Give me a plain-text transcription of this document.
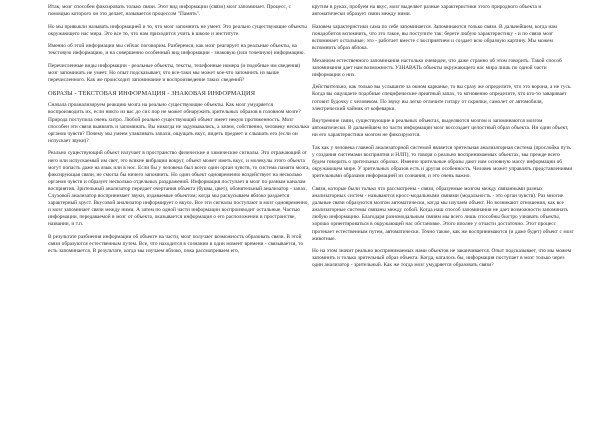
Итак, мозг способен фиксировать только связи. Этот вид информации (связи) мозг запоминает. Процесс, с помощью которого он это делает, называется процессом "Память".

Но мы привыкли называть информацией и то, что мозг запомнить не умеет. Это реально существующие объекты окружающего нас мира. Это все то, что нам приходится учить в школе и институте.

Именно об этой информации мы сейчас поговорим. Разберемся, как мозг реагирует на реальные объекты, на текстовую информацию, и на совершенно особенный вид информации - знаковую (или точечную) информацию.

Перечисленные виды информации - реальные объекты, тексты, телефонные номера (и подобные им сведения) мозг запоминать не умеет. Но опыт подсказывает, что все-таки мы может кое-что запомнить из выше перечисленного. Как же происходит запоминание и воспроизведение таких сведений?

ОБРАЗЫ - ТЕКСТОВАЯ ИНФОРМАЦИЯ - ЗНАКОВАЯ ИНФОРМАЦИЯ

Сначала проанализируем реакцию мозга на реально существующие объекты. Как мозг умудряется воспроизводить их, если никто из вас до сих пор не может обнаружить зрительных образов в головном мозге? Природа поступила очень хитро. Любой реально существующий объект имеет некую протяженность. Мозг способен эти связи выявлять и запоминать. Вы никогда не задумывались, а зачем, собственно, человеку несколько органов чувств? Почему мы умеем улавливать запахи, ощущать вкус, видеть предмет и слышать его (если он испускает звуки)?

Реально существующий объект излучает в пространство физические и химические сигналы. Это отражающий от него или испускаемый им свет, это всякие вибрации вокруг, объект может иметь вкус, и молекулы этого объекта могут попасть даже на язык или в нос. Если бы у человека был всего один орган чувств, то система памяти мозга, фиксирующая связи, не смогла бы ничего запомнить. Но один объект одновременно воздействует на несколько органов чувств и образует несколько отдельных раздражений. Информация поступает в мозг по разным каналам восприятия. Зрительный анализатор передает очертания объекта (буквы, цвет), обонятельный анализатор - запах. Слуховой анализатор воспринимает звуки, издаваемые объектом; когда мы раскусываем яблоко раздается характерный хруст. Вкусовой анализатор информирует о вкусе. Все эти сигналы поступают в мозг одновременно, и мозг запоминает связи между ними. А затем по одной части информации воспроизводит остальные. Частью информации, передаваемой в мозг от объекта, оказывается информация о его расположении в пространстве, названии, и т.п.

В результате разбиения информации об объекте на части, мозг получает возможность образовать связи. В этой связи образуются естественным путем. Все, что находится в сознании в один момент времени - связывается, то есть запоминается. В результате, когда мы изучаем яблоко, пока рассматриваем его,

крутим в руках, пробуем на вкус, мозг выделяет разные характеристики этого природного объекта и автоматически образует связи между ними.

Назовем характеристики сама по себе запоминается. Запоминаются только связи. В дальнейшем, когда нам понадобится вспомнить, что это такое, вы поступите так: берете любую характеристику - и по связи мозг вспоминает остальные; это - работает вместе с восприятием и создает всю образную картину. Мы можем вспомнить образ яблока.

Механизм естественного запоминания настолько очевиден, что даже странно об этом говорить. Такой способ запоминания дает нам возможность УЗНАВАТЬ объекты окружающего нас мира лишь по одной части информации о них.

Действительно, как только вы услышите за окном карканье, то вы сразу же определите, что это ворона, а не гусь. Когда вы ощущаете подобные специфические приятный запах, то мгновенно определите, что кто-то заваривает готовит будочку с человеком. По звуку вы легко отличите гитару от скрипки, самолет от автомобиля, электрический чайник от кофеварки.

Внутренние связи, существующие в реальных объектах, выделяются мозгом и запоминаются мозгом автоматически. В дальнейшем по части информации мозг воссоздает целостный образ объекта. Ни один объект, ни его характеристики мозгом не фиксируются.

Так как у человека главной анализаторной системой является зрительная анализаторная система (прослойка путь у создания системами восприятия и НЛП), то говоря о реально воспринимаемых объектах, мы прежде всего будем говорить о зрительных образах. Именно зрительные образы дают нам основную массу информации об окружающем мире. У зрительных образов есть и другая особенность. Человек может управлять представлениями зрительными образами информацией из сознания, и это очень важно.

Связи, которые были только что рассмотрены - связи, образуемые мозгом между связанными разных анализаторных систем - называются кросс-модальными связями (модальность - это орган чувств). Раз многие дальные связи образуются мозгом автоматически, когда мы изучаем объект. Но возникают отношения, как все анализаторные системы связаны между собой. Когда наш способ запоминания не дает возможности запоминать любую информацию. Благодаря разномодальным связям мы всего лишь способны быстро узнавать объекты, хорошо ориентироваться в окружающей нас обстановке. Этого вполне у отчасти достаточно. Этот процесс протекает естественным путем, автоматически. Точно также, как же воспринимаются (и даже будет) объект с мозг животные.

Но на этом значит реально воспринимаемых нами объектов не заканчивается. Опыт подсказывает, что мы можем запомнить и только зрительный образ объекта. Когда, каталось бы, информация поступает в мозг только через один анализатор - зрительный. Как же тогда мозг умудряется образовать связи?
